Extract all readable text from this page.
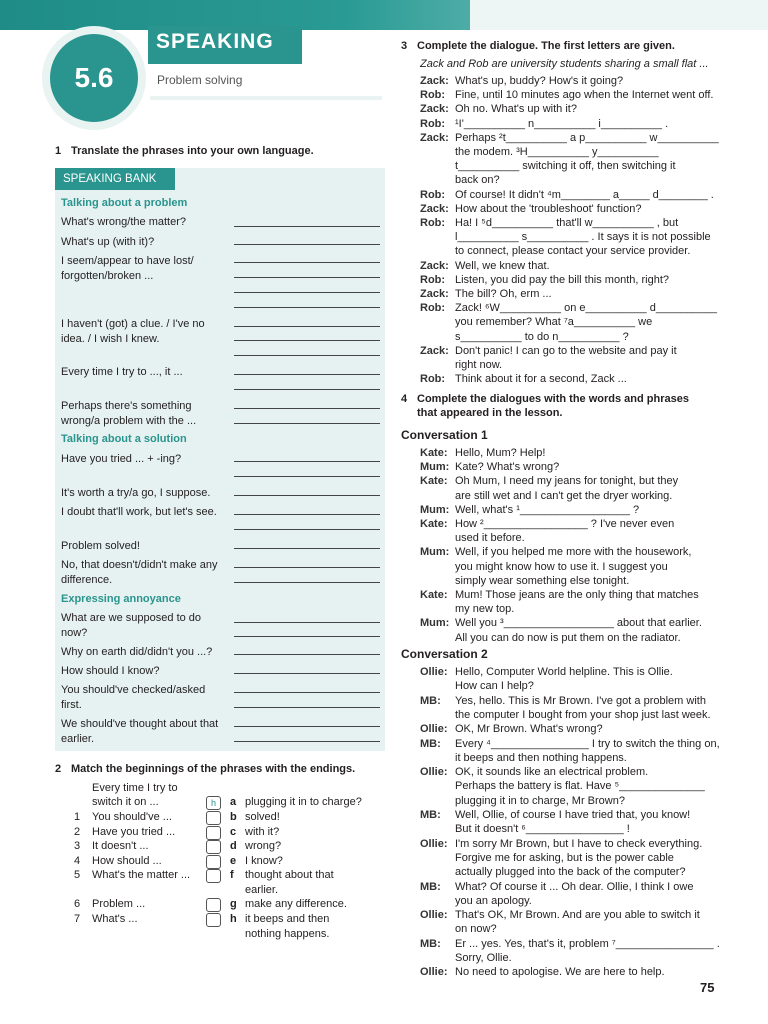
5.6
SPEAKING
Problem solving
1 Translate the phrases into your own language.
SPEAKING BANK
Talking about a problem
What's wrong/the matter?
What's up (with it)?
I seem/appear to have lost/ forgotten/broken ...
I haven't (got) a clue. / I've no idea. / I wish I knew.
Every time I try to ..., it ...
Perhaps there's something wrong/a problem with the ...
Talking about a solution
Have you tried ... + -ing?
It's worth a try/a go, I suppose.
I doubt that'll work, but let's see.
Problem solved!
No, that doesn't/didn't make any difference.
Expressing annoyance
What are we supposed to do now?
Why on earth did/didn't you ...?
How should I know?
You should've checked/asked first.
We should've thought about that earlier.
2 Match the beginnings of the phrases with the endings.
Every time I try to
switch it on ...
1 You should've ...
2 Have you tried ...
3 It doesn't ...
4 How should ...
5 What's the matter ...
6 Problem ...
7 What's ...
h	a plugging it in to charge?
b solved!
c with it?
d wrong?
e I know?
f thought about that
earlier.
g make any difference.
h it beeps and then
nothing happens.
3 Complete the dialogue. The first letters are given.
Zack and Rob are university students sharing a small flat ...
Zack: What's up, buddy? How's it going?
Rob: Fine, until 10 minutes ago when the Internet went off.
Zack: Oh no. What's up with it?
Rob: ¹I'__________ n__________ i__________ .
Zack: Perhaps ²t__________ a p__________ w__________
the modem. ³H__________ y__________
t__________ switching it off, then switching it
back on?
Rob: Of course! It didn't ⁴m________ a_____ d________ .
Zack: How about the 'troubleshoot' function?
Rob: Ha! I ⁵d__________ that'll w__________ , but
l__________ s__________ . It says it is not possible
to connect, please contact your service provider.
Zack: Well, we knew that.
Rob: Listen, you did pay the bill this month, right?
Zack: The bill? Oh, erm ...
Rob: Zack! ⁶W__________ on e__________ d__________
you remember? What ⁷a__________ we
s__________ to do n__________ ?
Zack: Don't panic! I can go to the website and pay it
right now.
Rob: Think about it for a second, Zack ...
4 Complete the dialogues with the words and phrases
that appeared in the lesson.
Conversation 1
Kate: Hello, Mum? Help!
Mum: Kate? What's wrong?
Kate: Oh Mum, I need my jeans for tonight, but they
are still wet and I can't get the dryer working.
Mum: Well, what's ¹__________________ ?
Kate: How ²_________________ ? I've never even
used it before.
Mum: Well, if you helped me more with the housework,
you might know how to use it. I suggest you
simply wear something else tonight.
Kate: Mum! Those jeans are the only thing that matches
my new top.
Mum: Well you ³__________________ about that earlier.
All you can do now is put them on the radiator.
Conversation 2
Ollie: Hello, Computer World helpline. This is Ollie.
How can I help?
MB: Yes, hello. This is Mr Brown. I've got a problem with
the computer I bought from your shop just last week.
Ollie: OK, Mr Brown. What's wrong?
MB: Every ⁴________________ I try to switch the thing on,
it beeps and then nothing happens.
Ollie: OK, it sounds like an electrical problem.
Perhaps the battery is flat. Have ⁵______________
plugging it in to charge, Mr Brown?
MB: Well, Ollie, of course I have tried that, you know!
But it doesn't ⁶________________ !
Ollie: I'm sorry Mr Brown, but I have to check everything.
Forgive me for asking, but is the power cable
actually plugged into the back of the computer?
MB: What? Of course it ... Oh dear. Ollie, I think I owe
you an apology.
Ollie: That's OK, Mr Brown. And are you able to switch it
on now?
MB: Er ... yes. Yes, that's it, problem ⁷________________ .
Sorry, Ollie.
Ollie: No need to apologise. We are here to help.
75
